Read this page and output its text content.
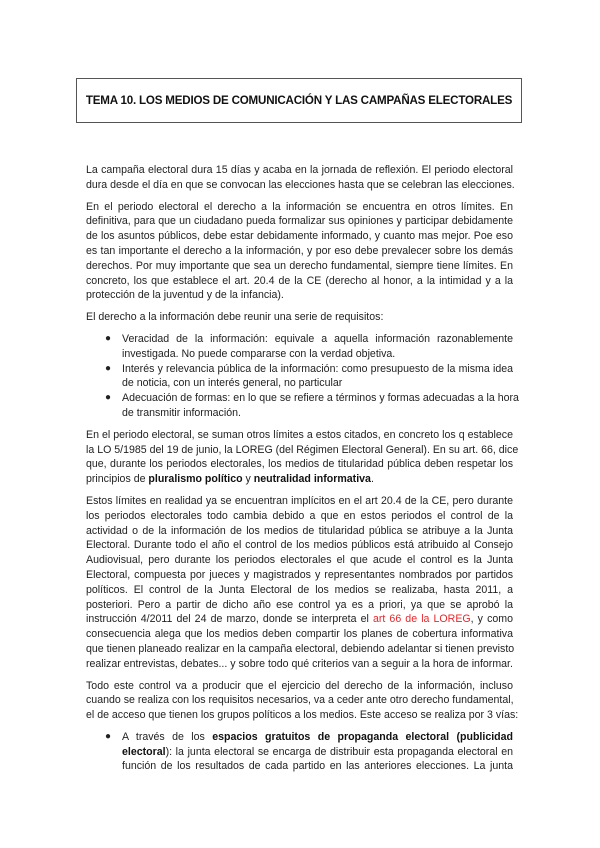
TEMA 10. LOS MEDIOS DE COMUNICACIÓN Y LAS CAMPAÑAS ELECTORALES
La campaña electoral dura 15 días y acaba en la jornada de reflexión. El periodo electoral
dura desde el día en que se convocan las elecciones hasta que se celebran las elecciones.
En el periodo electoral el derecho a la información se encuentra en otros límites. En
definitiva, para que un ciudadano pueda formalizar sus opiniones y participar debidamente
de los asuntos públicos, debe estar debidamente informado, y cuanto mas mejor. Poe eso
es tan importante el derecho a la información, y por eso debe prevalecer sobre los demás
derechos. Por muy importante que sea un derecho fundamental, siempre tiene límites. En
concreto, los que establece el art. 20.4 de la CE (derecho al honor, a la intimidad y a la
protección de la juventud y de la infancia).
El derecho a la información debe reunir una serie de requisitos:
● Veracidad de la información: equivale a aquella información razonablemente
investigada. No puede compararse con la verdad objetiva.
● Interés y relevancia pública de la información: como presupuesto de la misma idea
de noticia, con un interés general, no particular
● Adecuación de formas: en lo que se refiere a términos y formas adecuadas a la hora
de transmitir información.
En el periodo electoral, se suman otros límites a estos citados, en concreto los q establece
la LO 5/1985 del 19 de junio, la LOREG (del Régimen Electoral General). En su art. 66, dice
que, durante los periodos electorales, los medios de titularidad pública deben respetar los
principios de pluralismo político y neutralidad informativa.
Estos límites en realidad ya se encuentran implícitos en el art 20.4 de la CE, pero durante
los periodos electorales todo cambia debido a que en estos periodos el control de la
actividad o de la información de los medios de titularidad pública se atribuye a la Junta
Electoral. Durante todo el año el control de los medios públicos está atribuido al Consejo
Audiovisual, pero durante los periodos electorales el que acude el control es la Junta
Electoral, compuesta por jueces y magistrados y representantes nombrados por partidos
políticos. El control de la Junta Electoral de los medios se realizaba, hasta 2011, a
posteriori. Pero a partir de dicho año ese control ya es a priori, ya que se aprobó la
instrucción 4/2011 del 24 de marzo, donde se interpreta el art 66 de la LOREG, y como
consecuencia alega que los medios deben compartir los planes de cobertura informativa
que tienen planeado realizar en la campaña electoral, debiendo adelantar si tienen previsto
realizar entrevistas, debates... y sobre todo qué criterios van a seguir a la hora de informar.
Todo este control va a producir que el ejercicio del derecho de la información, incluso
cuando se realiza con los requisitos necesarios, va a ceder ante otro derecho fundamental,
el de acceso que tienen los grupos políticos a los medios. Este acceso se realiza por 3 vías:
● A través de los espacios gratuitos de propaganda electoral (publicidad
electoral): la junta electoral se encarga de distribuir esta propaganda electoral en
función de los resultados de cada partido en las anteriores elecciones. La junta
